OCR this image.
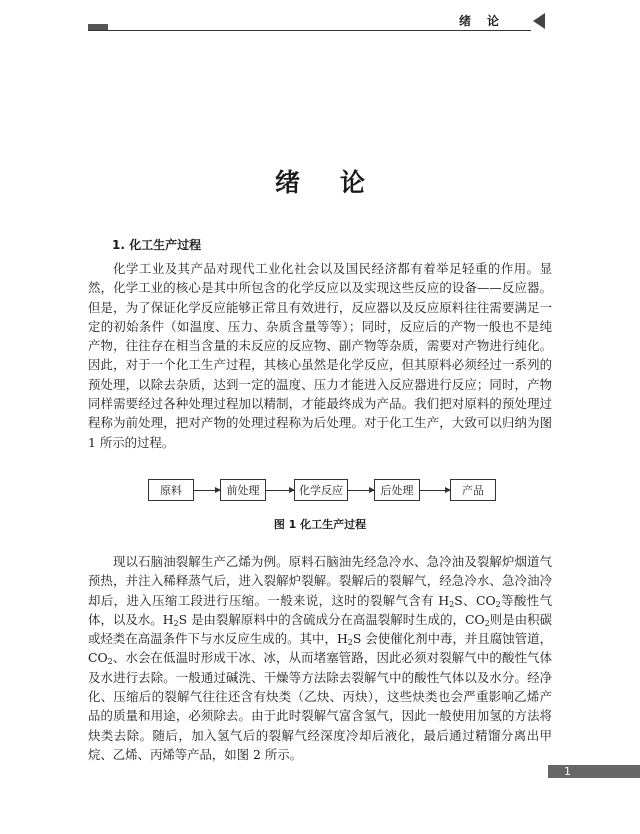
绪论
绪论
1. 化工生产过程

化学工业及其产品对现代工业化社会以及国民经济都有着举足轻重的作用。显然，化学工业的核心是其中所包含的化学反应以及实现这些反应的设备——反应器。但是，为了保证化学反应能够正常且有效进行，反应器以及反应原料往往需要满足一定的初始条件（如温度、压力、杂质含量等等）；同时，反应后的产物一般也不是纯产物，往往存在相当含量的未反应的反应物、副产物等杂质，需要对产物进行纯化。因此，对于一个化工生产过程，其核心虽然是化学反应，但其原料必须经过一系列的预处理，以除去杂质，达到一定的温度、压力才能进入反应器进行反应；同时，产物同样需要经过各种处理过程加以精制，才能最终成为产品。我们把对原料的预处理过程称为前处理，把对产物的处理过程称为后处理。对于化工生产，大致可以归纳为图 1 所示的过程。

原料	前处理	化学反应	后处理	产品
图 1 化工生产过程

现以石脑油裂解生产乙烯为例。原料石脑油先经急冷水、急冷油及裂解炉烟道气预热，并注入稀释蒸气后，进入裂解炉裂解。裂解后的裂解气，经急冷水、急冷油冷却后，进入压缩工段进行压缩。一般来说，这时的裂解气含有 $H_2S$、$CO_2$等酸性气体，以及水。$H_2S$ 是由裂解原料中的含硫成分在高温裂解时生成的，$CO_2$则是由积碳或烃类在高温条件下与水反应生成的。其中，$H_2S$ 会使催化剂中毒，并且腐蚀管道，$CO_2$、水会在低温时形成干冰、冰，从而堵塞管路，因此必须对裂解气中的酸性气体及水进行去除。一般通过碱洗、干燥等方法除去裂解气中的酸性气体以及水分。经净化、压缩后的裂解气往往还含有炔类（乙炔、丙炔），这些炔类也会严重影响乙烯产品的质量和用途，必须除去。由于此时裂解气富含氢气，因此一般使用加氢的方法将炔类去除。随后，加入氢气后的裂解气经深度冷却后液化，最后通过精馏分离出甲烷、乙烯、丙烯等产品，如图 2 所示。

1
